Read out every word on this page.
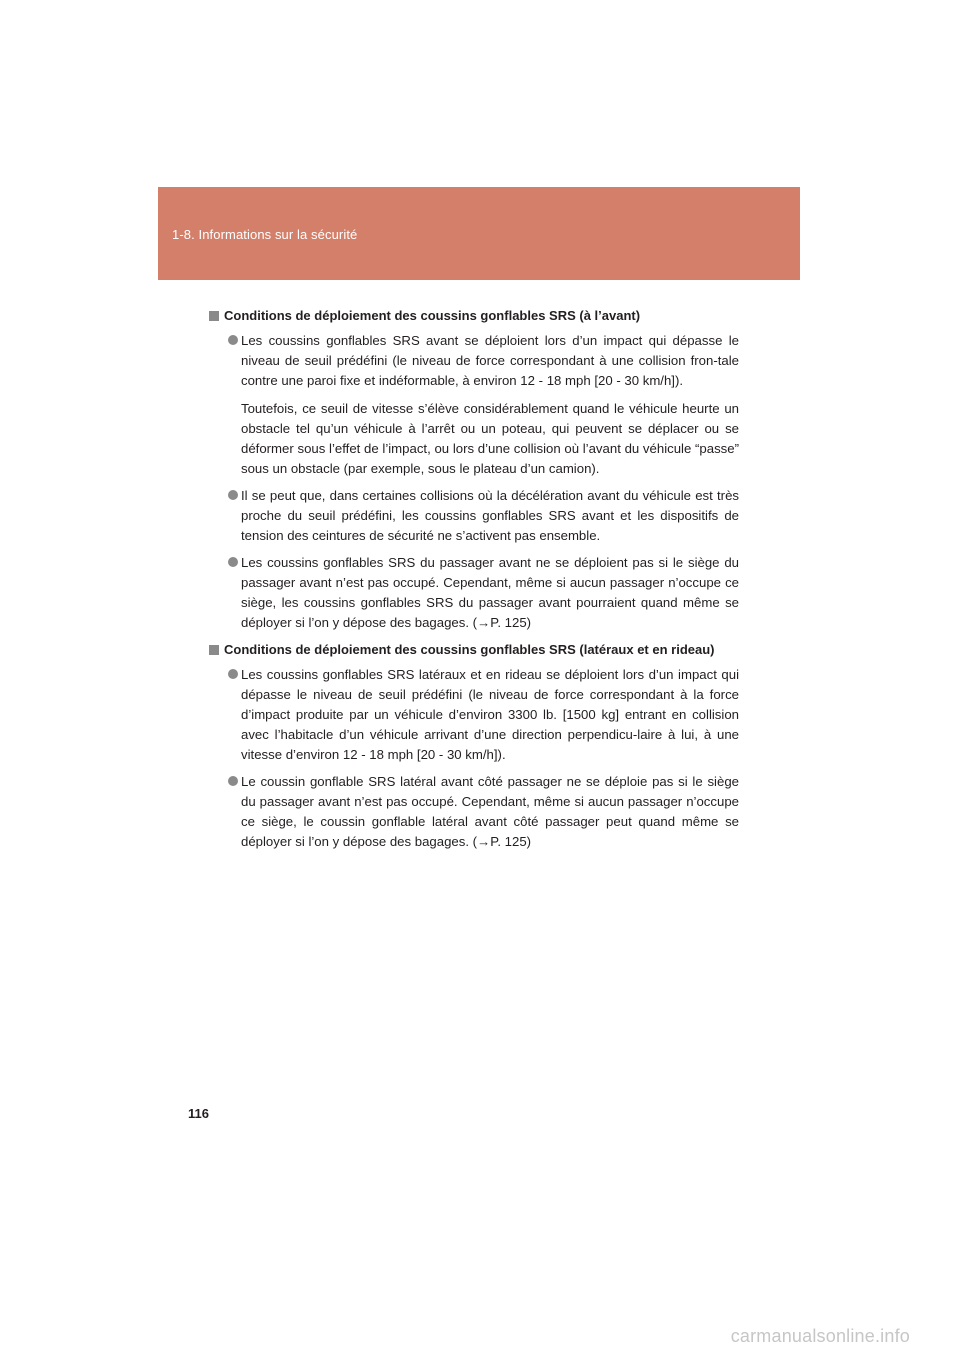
1-8. Informations sur la sécurité
Conditions de déploiement des coussins gonflables SRS (à l’avant)

Les coussins gonflables SRS avant se déploient lors d’un impact qui dépasse le niveau de seuil prédéfini (le niveau de force correspondant à une collision fron-tale contre une paroi fixe et indéformable, à environ 12 - 18 mph [20 - 30 km/h]).

Toutefois, ce seuil de vitesse s’élève considérablement quand le véhicule heurte un obstacle tel qu’un véhicule à l’arrêt ou un poteau, qui peuvent se déplacer ou se déformer sous l’effet de l’impact, ou lors d’une collision où l’avant du véhicule “passe” sous un obstacle (par exemple, sous le plateau d’un camion).

Il se peut que, dans certaines collisions où la décélération avant du véhicule est très proche du seuil prédéfini, les coussins gonflables SRS avant et les dispositifs de tension des ceintures de sécurité ne s’activent pas ensemble.

Les coussins gonflables SRS du passager avant ne se déploient pas si le siège du passager avant n’est pas occupé. Cependant, même si aucun passager n’occupe ce siège, les coussins gonflables SRS du passager avant pourraient quand même se déployer si l’on y dépose des bagages. (→P. 125)

Conditions de déploiement des coussins gonflables SRS (latéraux et en rideau)

Les coussins gonflables SRS latéraux et en rideau se déploient lors d’un impact qui dépasse le niveau de seuil prédéfini (le niveau de force correspondant à la force d’impact produite par un véhicule d’environ 3300 lb. [1500 kg] entrant en collision avec l’habitacle d’un véhicule arrivant d’une direction perpendicu-laire à lui, à une vitesse d’environ 12 - 18 mph [20 - 30 km/h]).

Le coussin gonflable SRS latéral avant côté passager ne se déploie pas si le siège du passager avant n’est pas occupé. Cependant, même si aucun passager n’occupe ce siège, le coussin gonflable latéral avant côté passager peut quand même se déployer si l’on y dépose des bagages. (→P. 125)

116
carmanualsonline.info
